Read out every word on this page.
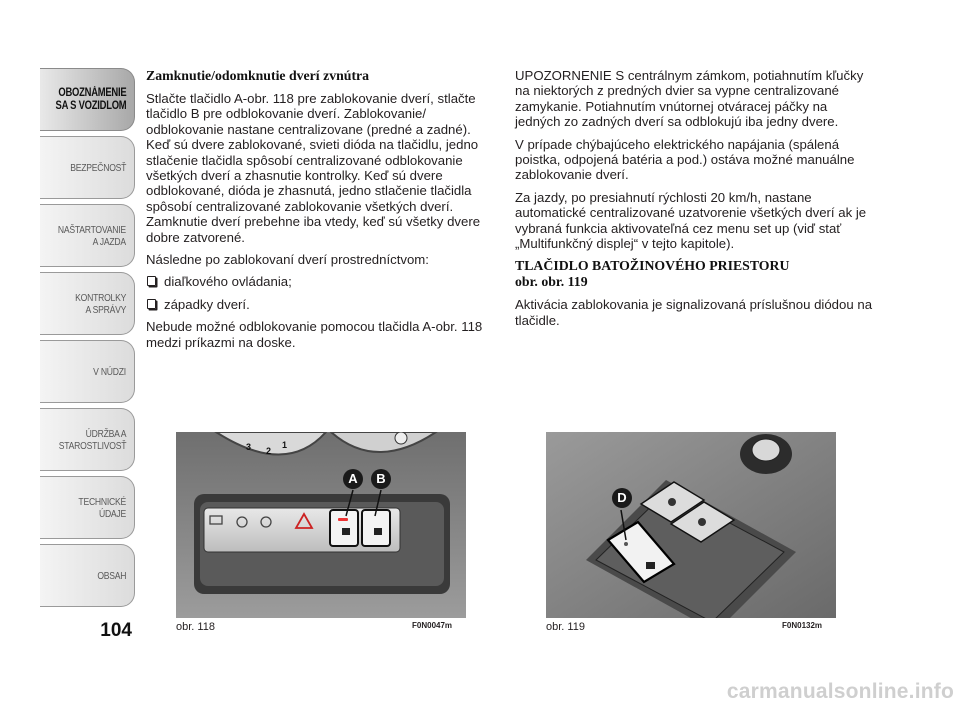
OBOZNÁMENIE
SA S VOZIDLOM
BEZPEČNOSŤ
NAŠTARTOVANIE
A JAZDA
KONTROLKY
A SPRÁVY
V NÚDZI
ÚDRŽBA A
STAROSTLIVOSŤ
TECHNICKÉ
ÚDAJE
OBSAH
104
Zamknutie/odomknutie dverí zvnútra

Stlačte tlačidlo A-obr. 118 pre zablokovanie dverí, stlačte tlačidlo B pre odblokovanie dverí. Zablokovanie/ odblokovanie nastane centralizovane (predné a zadné). Keď sú dvere zablokované, svieti dióda na tlačidlu, jedno stlačenie tlačidla spôsobí centralizované odblokovanie všetkých dverí a zhasnutie kontrolky. Keď sú dvere odblokované, dióda je zhasnutá, jedno stlačenie tlačidla spôsobí centralizované zablokovanie všetkých dverí. Zamknutie dverí prebehne iba vtedy, keď sú všetky dvere dobre zatvorené.

Následne po zablokovaní dverí prostredníctvom:

diaľkového ovládania;
západky dverí.

Nebude možné odblokovanie pomocou tlačidla A-obr. 118 medzi príkazmi na doske.

UPOZORNENIE S centrálnym zámkom, potiahnutím kľučky na niektorých z predných dvier sa vypne centralizované zamykanie. Potiahnutím vnútornej otváracej páčky na jedných zo zadných dverí sa odblokujú iba jedny dvere.

V prípade chýbajúceho elektrického napájania (spálená poistka, odpojená batéria a pod.) ostáva možné manuálne zablokovanie dverí.

Za jazdy, po presiahnutí rýchlosti 20 km/h, nastane automatické centralizované uzatvorenie všetkých dverí ak je vybraná funkcia aktivovateľná cez menu set up (viď stať „Multifunkčný displej“ v tejto kapitole).

TLAČIDLO BATOŽINOVÉHO PRIESTORU
obr. obr. 119

Aktivácia zablokovania je signalizovaná príslušnou diódou na tlačidle.

3 2
1
A	B
obr. 118	F0N0047m
D
obr. 119	F0N0132m
carmanualsonline.info
